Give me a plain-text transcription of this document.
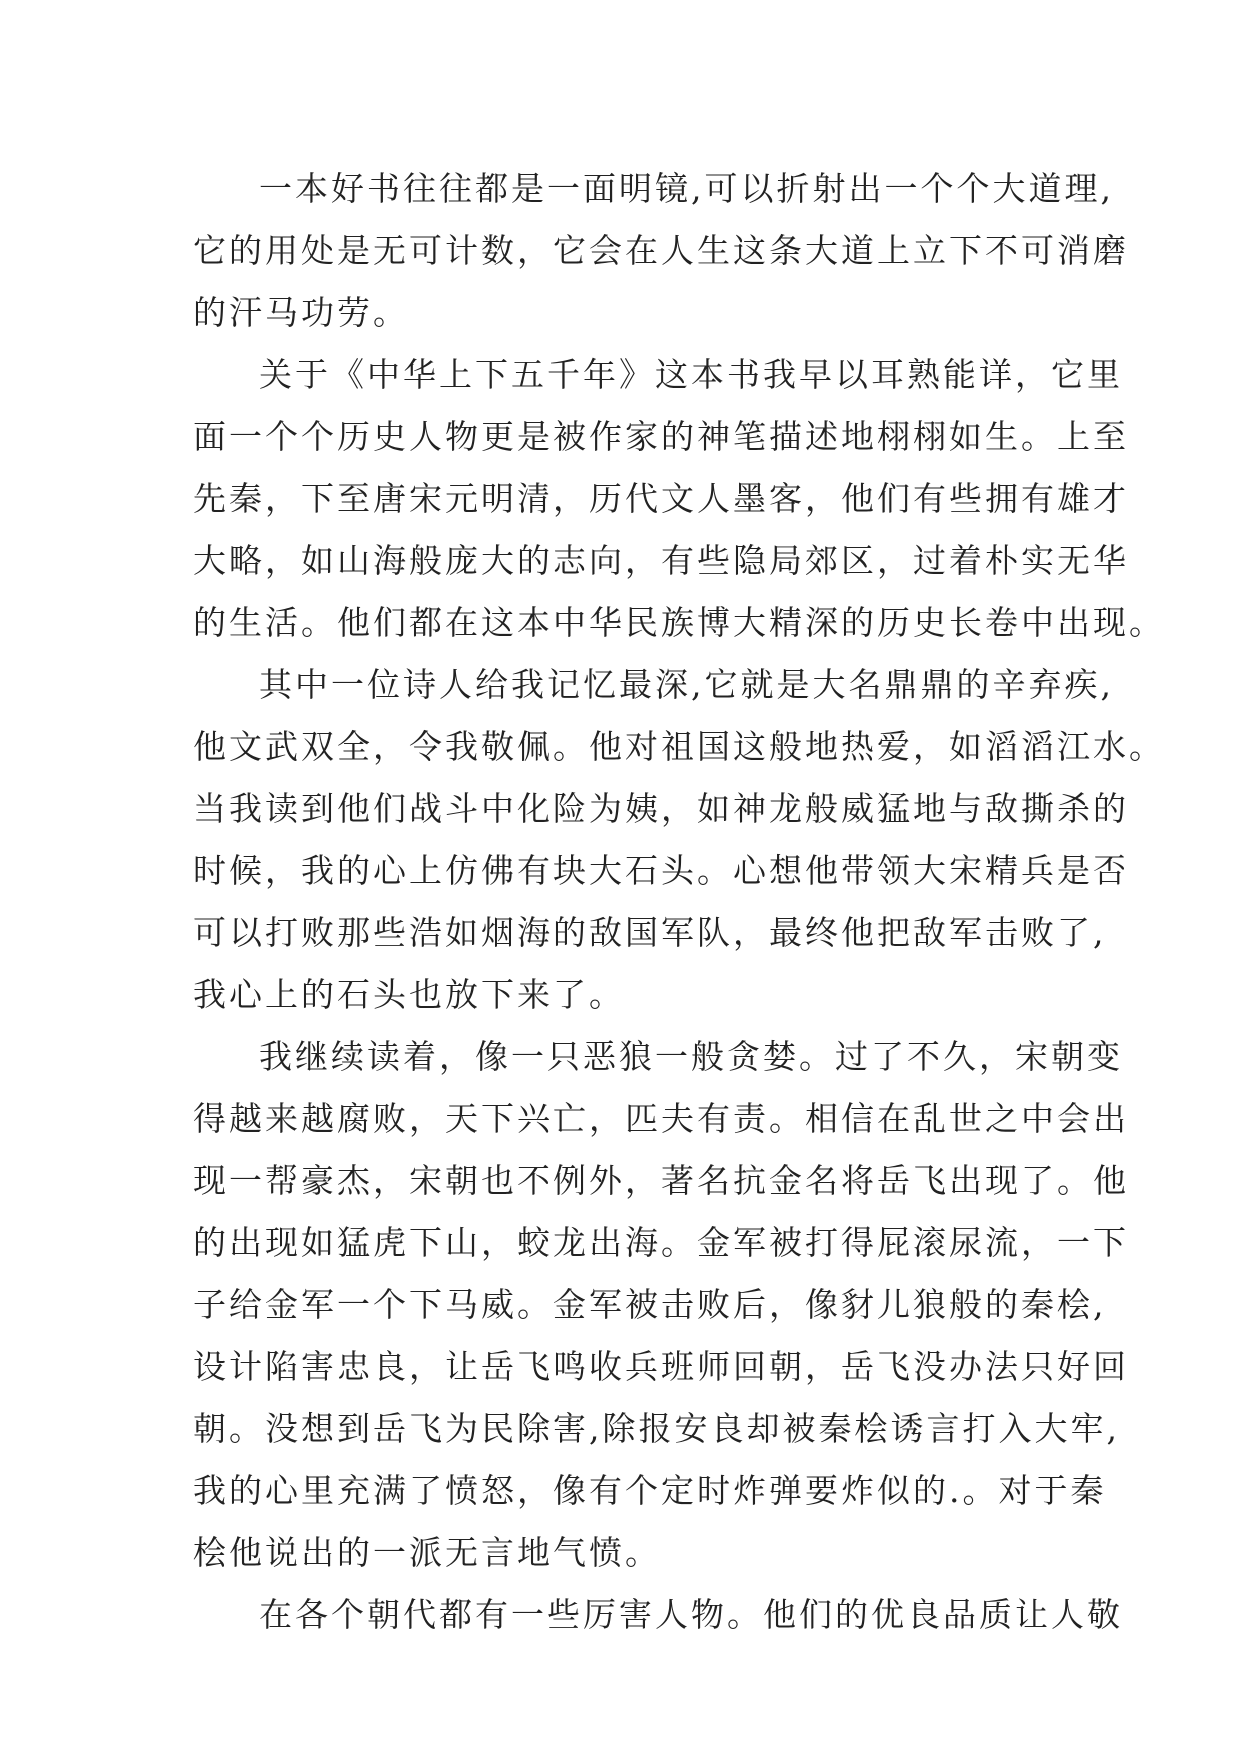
一本好书往往都是一面明镜,可以折射出一个个大道理,
它的用处是无可计数，它会在人生这条大道上立下不可消磨
的汗马功劳。
关于《中华上下五千年》这本书我早以耳熟能详，它里
面一个个历史人物更是被作家的神笔描述地栩栩如生。上至
先秦，下至唐宋元明清，历代文人墨客，他们有些拥有雄才
大略，如山海般庞大的志向，有些隐局郊区，过着朴实无华
的生活。他们都在这本中华民族博大精深的历史长卷中出现。
其中一位诗人给我记忆最深,它就是大名鼎鼎的辛弃疾,
他文武双全，令我敬佩。他对祖国这般地热爱，如滔滔江水。
当我读到他们战斗中化险为姨，如神龙般威猛地与敌撕杀的
时候，我的心上仿佛有块大石头。心想他带领大宋精兵是否
可以打败那些浩如烟海的敌国军队，最终他把敌军击败了,
我心上的石头也放下来了。
我继续读着，像一只恶狼一般贪婪。过了不久，宋朝变
得越来越腐败，天下兴亡，匹夫有责。相信在乱世之中会出
现一帮豪杰，宋朝也不例外，著名抗金名将岳飞出现了。他
的出现如猛虎下山，蛟龙出海。金军被打得屁滚尿流，一下
子给金军一个下马威。金军被击败后，像豺儿狼般的秦桧,
设计陷害忠良，让岳飞鸣收兵班师回朝，岳飞没办法只好回
朝。没想到岳飞为民除害,除报安良却被秦桧诱言打入大牢,
我的心里充满了愤怒，像有个定时炸弹要炸似的.。对于秦
桧他说出的一派无言地气愤。
在各个朝代都有一些厉害人物。他们的优良品质让人敬
